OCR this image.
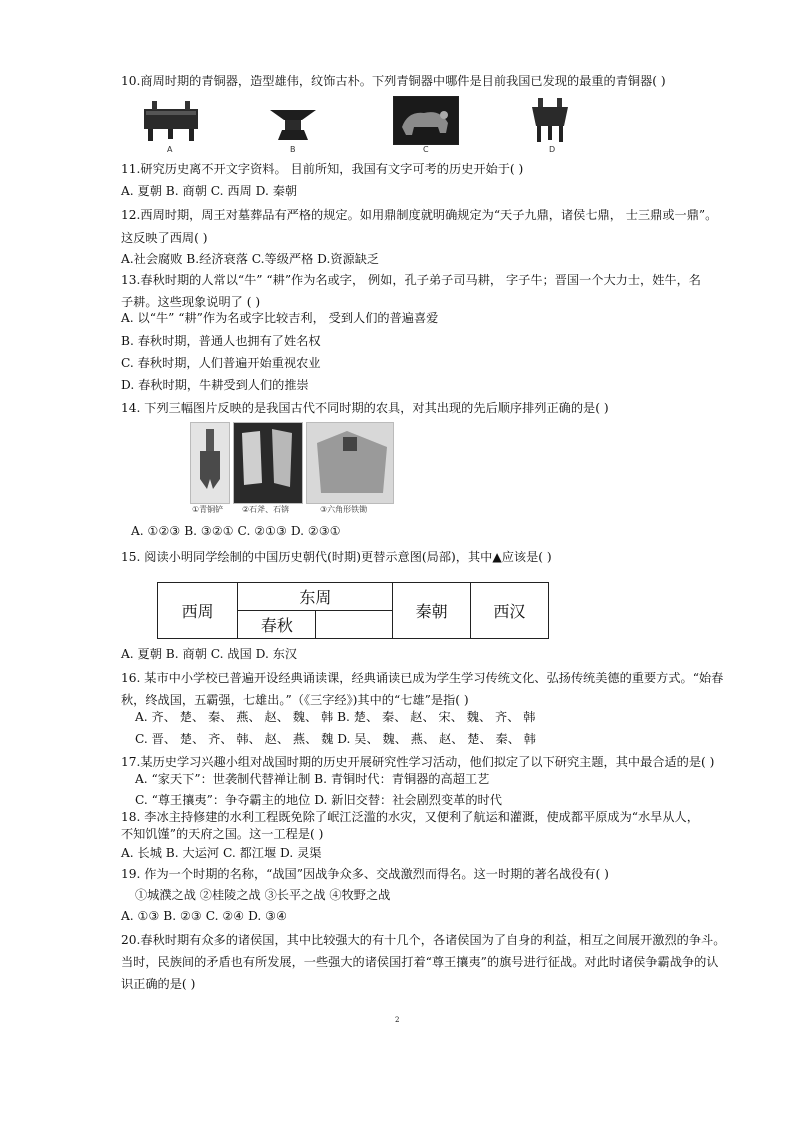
10.商周时期的青铜器，造型雄伟，纹饰古朴。下列青铜器中哪件是目前我国已发现的最重的青铜器( )
A	B	C	D
11.研究历史离不开文字资料。 目前所知，我国有文字可考的历史开始于( )
A. 夏朝 B. 商朝 C. 西周 D. 秦朝
12.西周时期，周王对墓葬品有严格的规定。如用鼎制度就明确规定为“天子九鼎，诸侯七鼎， 士三鼎或一鼎”。
这反映了西周( )
A.社会腐败 B.经济衰落 C.等级严格 D.资源缺乏
13.春秋时期的人常以“牛” “耕”作为名或字， 例如，孔子弟子司马耕， 字子牛；晋国一个大力士，姓牛，名
子耕。这些现象说明了 ( )
A. 以“牛” “耕”作为名或字比较吉利， 受到人们的普遍喜爱
B. 春秋时期，普通人也拥有了姓名权
C. 春秋时期，人们普遍开始重视农业
D. 春秋时期，牛耕受到人们的推崇
14. 下列三幅图片反映的是我国古代不同时期的农具，对其出现的先后顺序排列正确的是( )
①青铜铲 ②石斧、石锛	③六角形铁锄
A. ①②③ B. ③②① C. ②①③ D. ②③①
15. 阅读小明同学绘制的中国历史朝代(时期)更替示意图(局部)，其中▲应该是( )
西周	东周		秦朝	西汉
	春秋			
A. 夏朝 B. 商朝 C. 战国 D. 东汉
16. 某市中小学校已普遍开设经典诵读课，经典诵读已成为学生学习传统文化、弘扬传统美德的重要方式。“始春
秋，终战国，五霸强，七雄出。”（《三字经》)其中的“七雄”是指( )
A. 齐、 楚、 秦、 燕、 赵、 魏、 韩 B. 楚、 秦、 赵、 宋、 魏、 齐、 韩
C. 晋、 楚、 齐、 韩、 赵、 燕、 魏 D. 吴、 魏、 燕、 赵、 楚、 秦、 韩
17.某历史学习兴趣小组对战国时期的历史开展研究性学习活动，他们拟定了以下研究主题，其中最合适的是( )
A. “家天下”：世袭制代替禅让制 B. 青铜时代：青铜器的高超工艺
C. “尊王攘夷”：争夺霸主的地位 D. 新旧交替：社会剧烈变革的时代
18. 李冰主持修建的水利工程既免除了岷江泛滥的水灾，又便利了航运和灌溉，使成都平原成为“水旱从人，
不知饥馑”的天府之国。这一工程是( )
A. 长城 B. 大运河 C. 都江堰 D. 灵渠
19. 作为一个时期的名称，“战国”因战争众多、交战激烈而得名。这一时期的著名战役有( )
①城濮之战 ②桂陵之战 ③长平之战 ④牧野之战
A. ①③ B. ②③ C. ②④ D. ③④
20.春秋时期有众多的诸侯国，其中比较强大的有十几个，各诸侯国为了自身的利益，相互之间展开激烈的争斗。
当时，民族间的矛盾也有所发展，一些强大的诸侯国打着“尊王攘夷”的旗号进行征战。对此时诸侯争霸战争的认
识正确的是( )
2
